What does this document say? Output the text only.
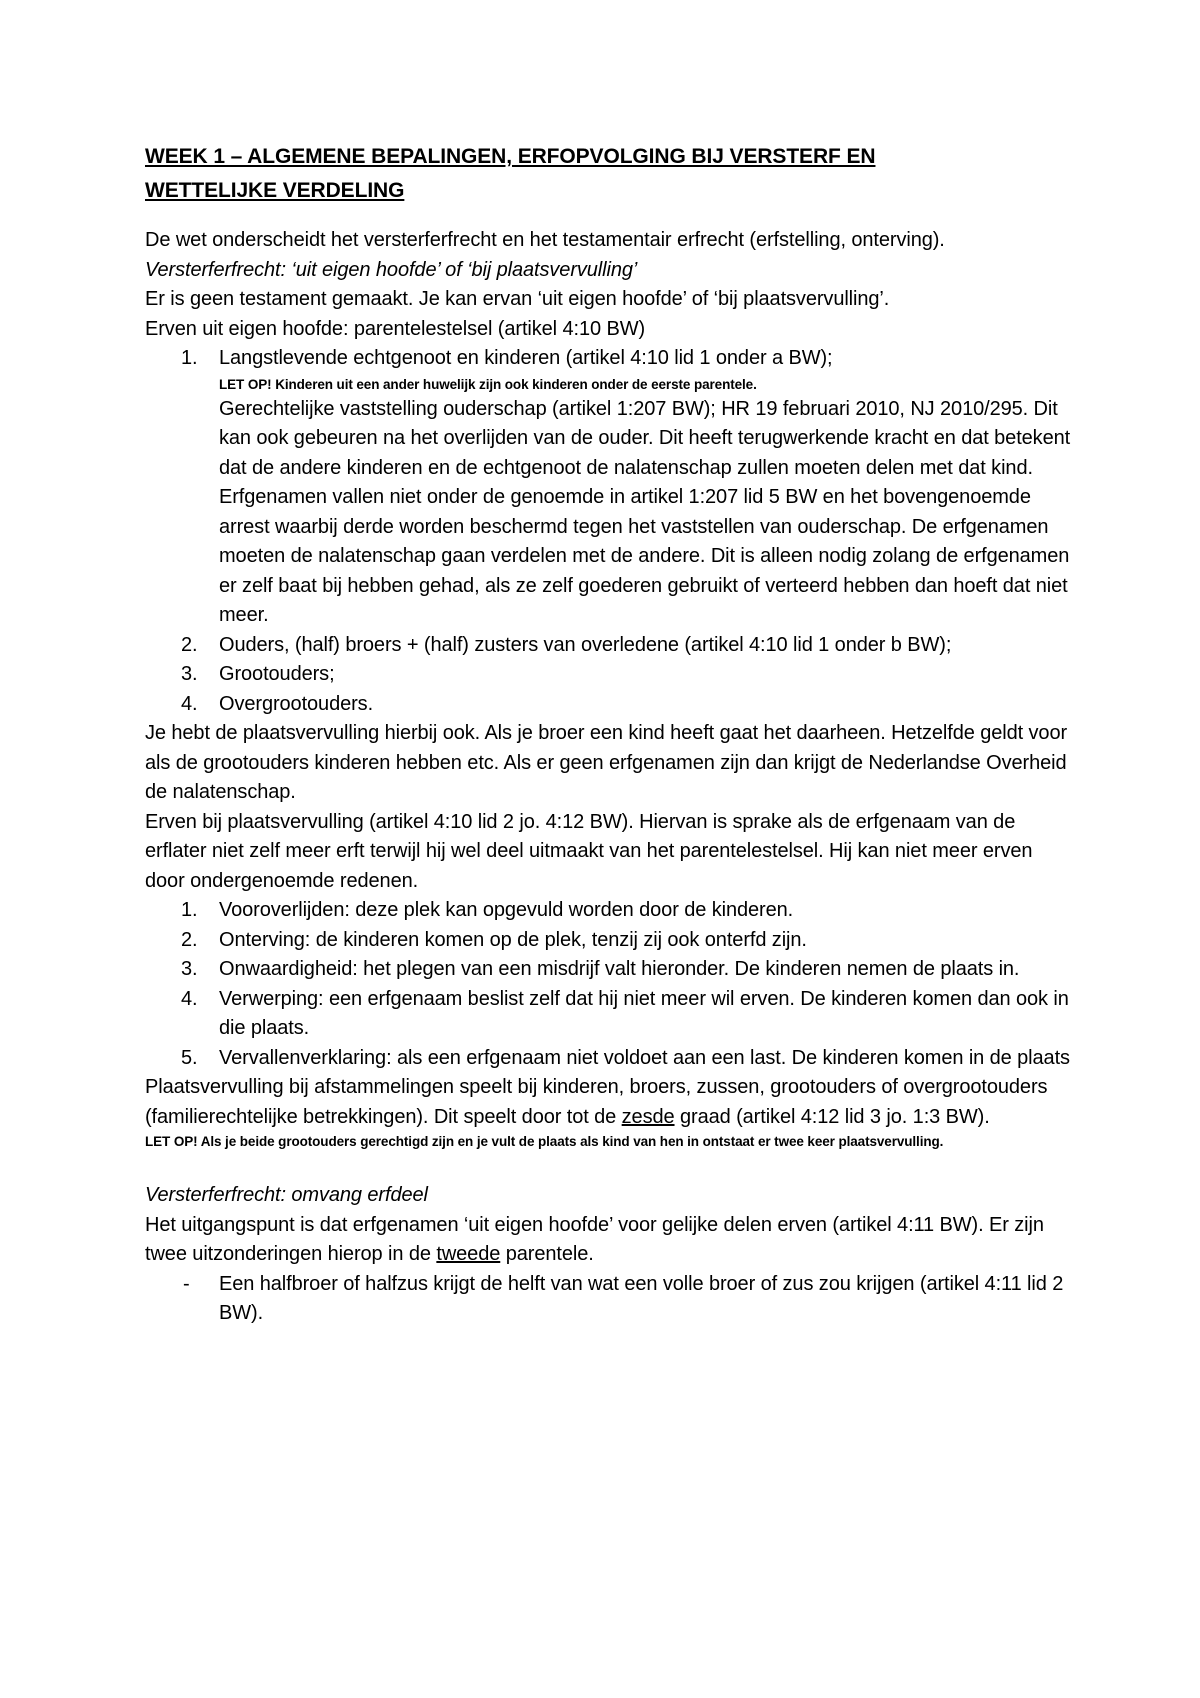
WEEK 1 – ALGEMENE BEPALINGEN, ERFOPVOLGING BIJ VERSTERF EN
WETTELIJKE VERDELING

De wet onderscheidt het versterferfrecht en het testamentair erfrecht (erfstelling, onterving).

Versterferfrecht: ‘uit eigen hoofde’ of ‘bij plaatsvervulling’

Er is geen testament gemaakt. Je kan ervan ‘uit eigen hoofde’ of ‘bij plaatsvervulling’.

Erven uit eigen hoofde: parentelestelsel (artikel 4:10 BW)

1. Langstlevende echtgenoot en kinderen (artikel 4:10 lid 1 onder a BW);
LET OP! Kinderen uit een ander huwelijk zijn ook kinderen onder de eerste parentele.
Gerechtelijke vaststelling ouderschap (artikel 1:207 BW); HR 19 februari 2010, NJ 2010/295. Dit kan ook gebeuren na het overlijden van de ouder. Dit heeft terugwerkende kracht en dat betekent dat de andere kinderen en de echtgenoot de nalatenschap zullen moeten delen met dat kind. Erfgenamen vallen niet onder de genoemde in artikel 1:207 lid 5 BW en het bovengenoemde arrest waarbij derde worden beschermd tegen het vaststellen van ouderschap. De erfgenamen moeten de nalatenschap gaan verdelen met de andere. Dit is alleen nodig zolang de erfgenamen er zelf baat bij hebben gehad, als ze zelf goederen gebruikt of verteerd hebben dan hoeft dat niet meer.
2. Ouders, (half) broers + (half) zusters van overledene (artikel 4:10 lid 1 onder b BW);
3. Grootouders;
4. Overgrootouders.

Je hebt de plaatsvervulling hierbij ook. Als je broer een kind heeft gaat het daarheen. Hetzelfde geldt voor als de grootouders kinderen hebben etc. Als er geen erfgenamen zijn dan krijgt de Nederlandse Overheid de nalatenschap.

Erven bij plaatsvervulling (artikel 4:10 lid 2 jo. 4:12 BW). Hiervan is sprake als de erfgenaam van de erflater niet zelf meer erft terwijl hij wel deel uitmaakt van het parentelestelsel. Hij kan niet meer erven door ondergenoemde redenen.

1. Vooroverlijden: deze plek kan opgevuld worden door de kinderen.
2. Onterving: de kinderen komen op de plek, tenzij zij ook onterfd zijn.
3. Onwaardigheid: het plegen van een misdrijf valt hieronder. De kinderen nemen de plaats in.
4. Verwerping: een erfgenaam beslist zelf dat hij niet meer wil erven. De kinderen komen dan ook in die plaats.
5. Vervallenverklaring: als een erfgenaam niet voldoet aan een last. De kinderen komen in de plaats

Plaatsvervulling bij afstammelingen speelt bij kinderen, broers, zussen, grootouders of overgrootouders (familierechtelijke betrekkingen). Dit speelt door tot de zesde graad (artikel 4:12 lid 3 jo. 1:3 BW).

LET OP! Als je beide grootouders gerechtigd zijn en je vult de plaats als kind van hen in ontstaat er twee keer plaatsvervulling.

Versterferfrecht: omvang erfdeel

Het uitgangspunt is dat erfgenamen ‘uit eigen hoofde’ voor gelijke delen erven (artikel 4:11 BW). Er zijn twee uitzonderingen hierop in de tweede parentele.

- Een halfbroer of halfzus krijgt de helft van wat een volle broer of zus zou krijgen (artikel 4:11 lid 2 BW).
